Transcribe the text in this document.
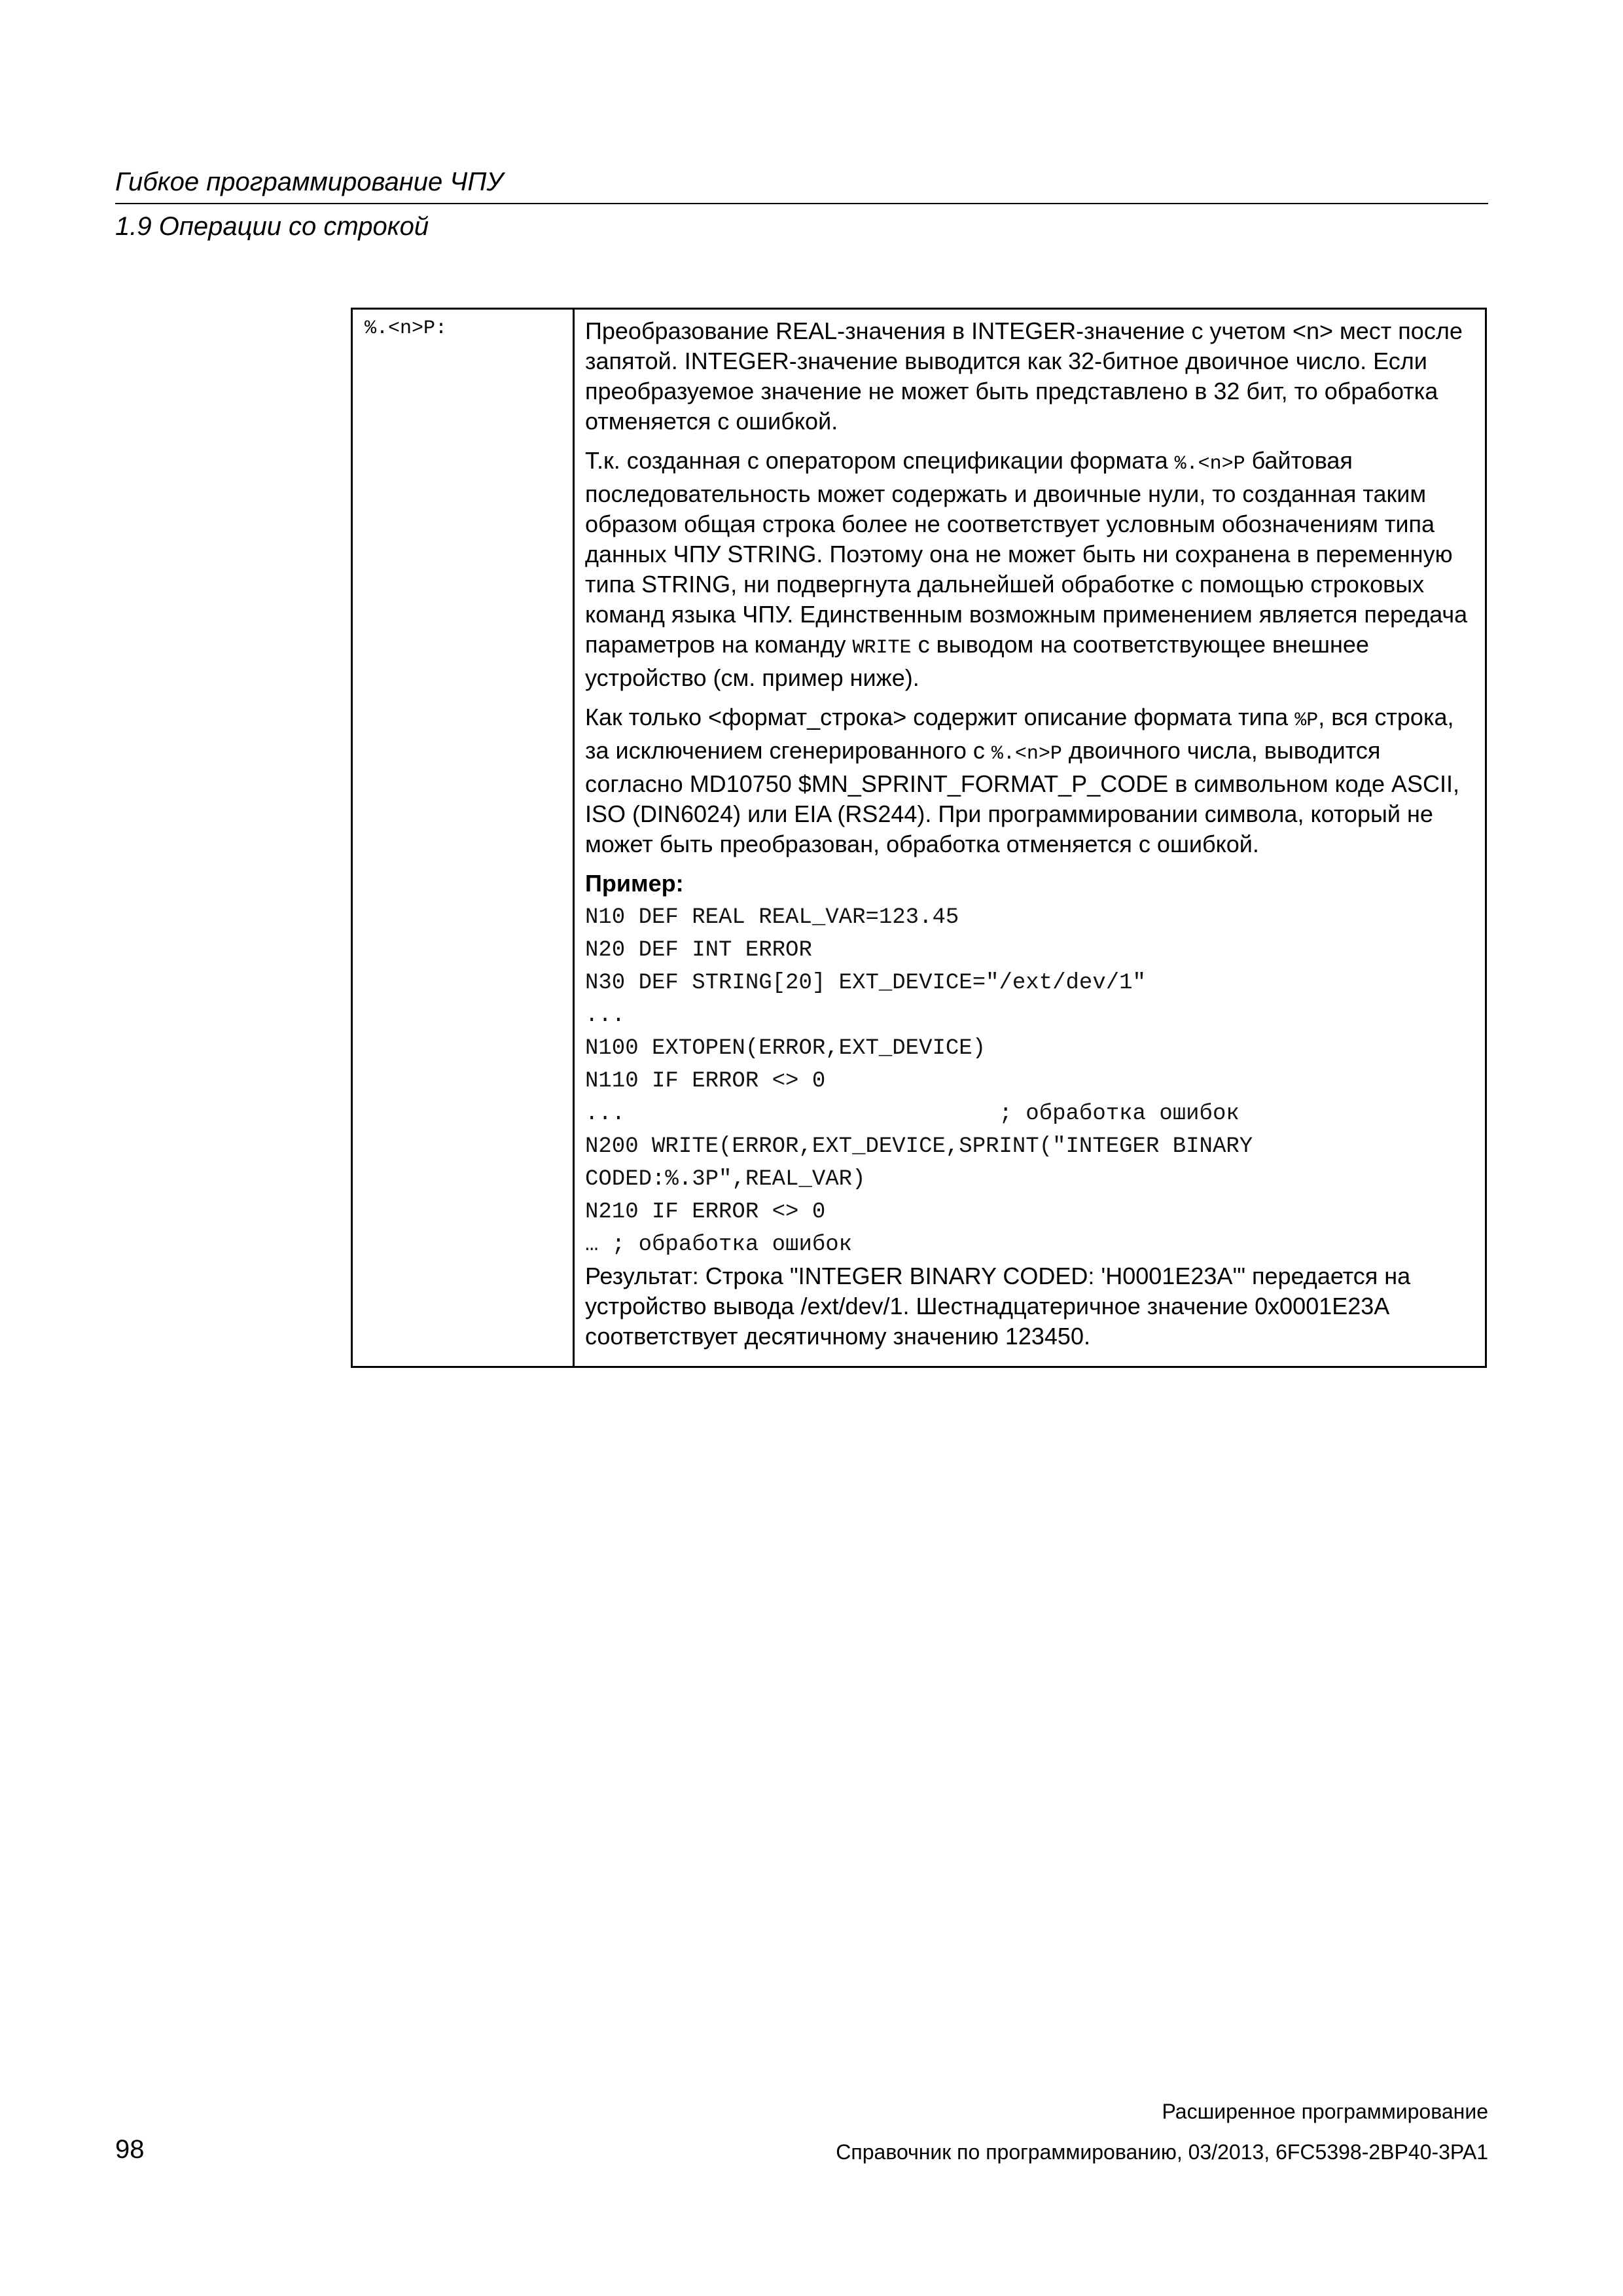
Гибкое программирование ЧПУ
1.9 Операции со строкой
%.<n>P:	Преобразование REAL-значения в INTEGER-значение с учетом <n> мест после запятой. INTEGER-значение выводится как 32-битное двоичное число. Если преобразуемое значение не может быть представлено в 32 бит, то обработка отменяется с ошибкой.

Т.к. созданная с оператором спецификации формата %.<n>P байтовая последовательность может содержать и двоичные нули, то созданная таким образом общая строка более не соответствует условным обозначениям типа данных ЧПУ STRING. Поэтому она не может быть ни сохранена в переменную типа STRING, ни подвергнута дальнейшей обработке с помощью строковых команд языка ЧПУ. Единственным возможным применением является передача параметров на команду WRITE с выводом на соответствующее внешнее устройство (см. пример ниже).

Как только <формат_строка> содержит описание формата типа %P, вся строка, за исключением сгенерированного с %.<n>P двоичного числа, выводится согласно MD10750 $MN_SPRINT_FORMAT_P_CODE в символьном коде ASCII, ISO (DIN6024) или EIA (RS244). При программировании символа, который не может быть преобразован, обработка отменяется с ошибкой.

Пример:

N10 DEF REAL REAL_VAR=123.45
N20 DEF INT ERROR
N30 DEF STRING[20] EXT_DEVICE="/ext/dev/1"
...
N100 EXTOPEN(ERROR,EXT_DEVICE)
N110 IF ERROR <> 0
...                            ; обработка ошибок
N200 WRITE(ERROR,EXT_DEVICE,SPRINT("INTEGER BINARY
CODED:%.3P",REAL_VAR)
N210 IF ERROR <> 0
… ; обработка ошибок

Результат: Строка "INTEGER BINARY CODED: 'H0001E23A'" передается на устройство вывода /ext/dev/1. Шестнадцатеричное значение 0x0001E23A соответствует десятичному значению 123450.

98
Расширенное программирование
Справочник по программированию, 03/2013, 6FC5398-2BP40-3PA1
